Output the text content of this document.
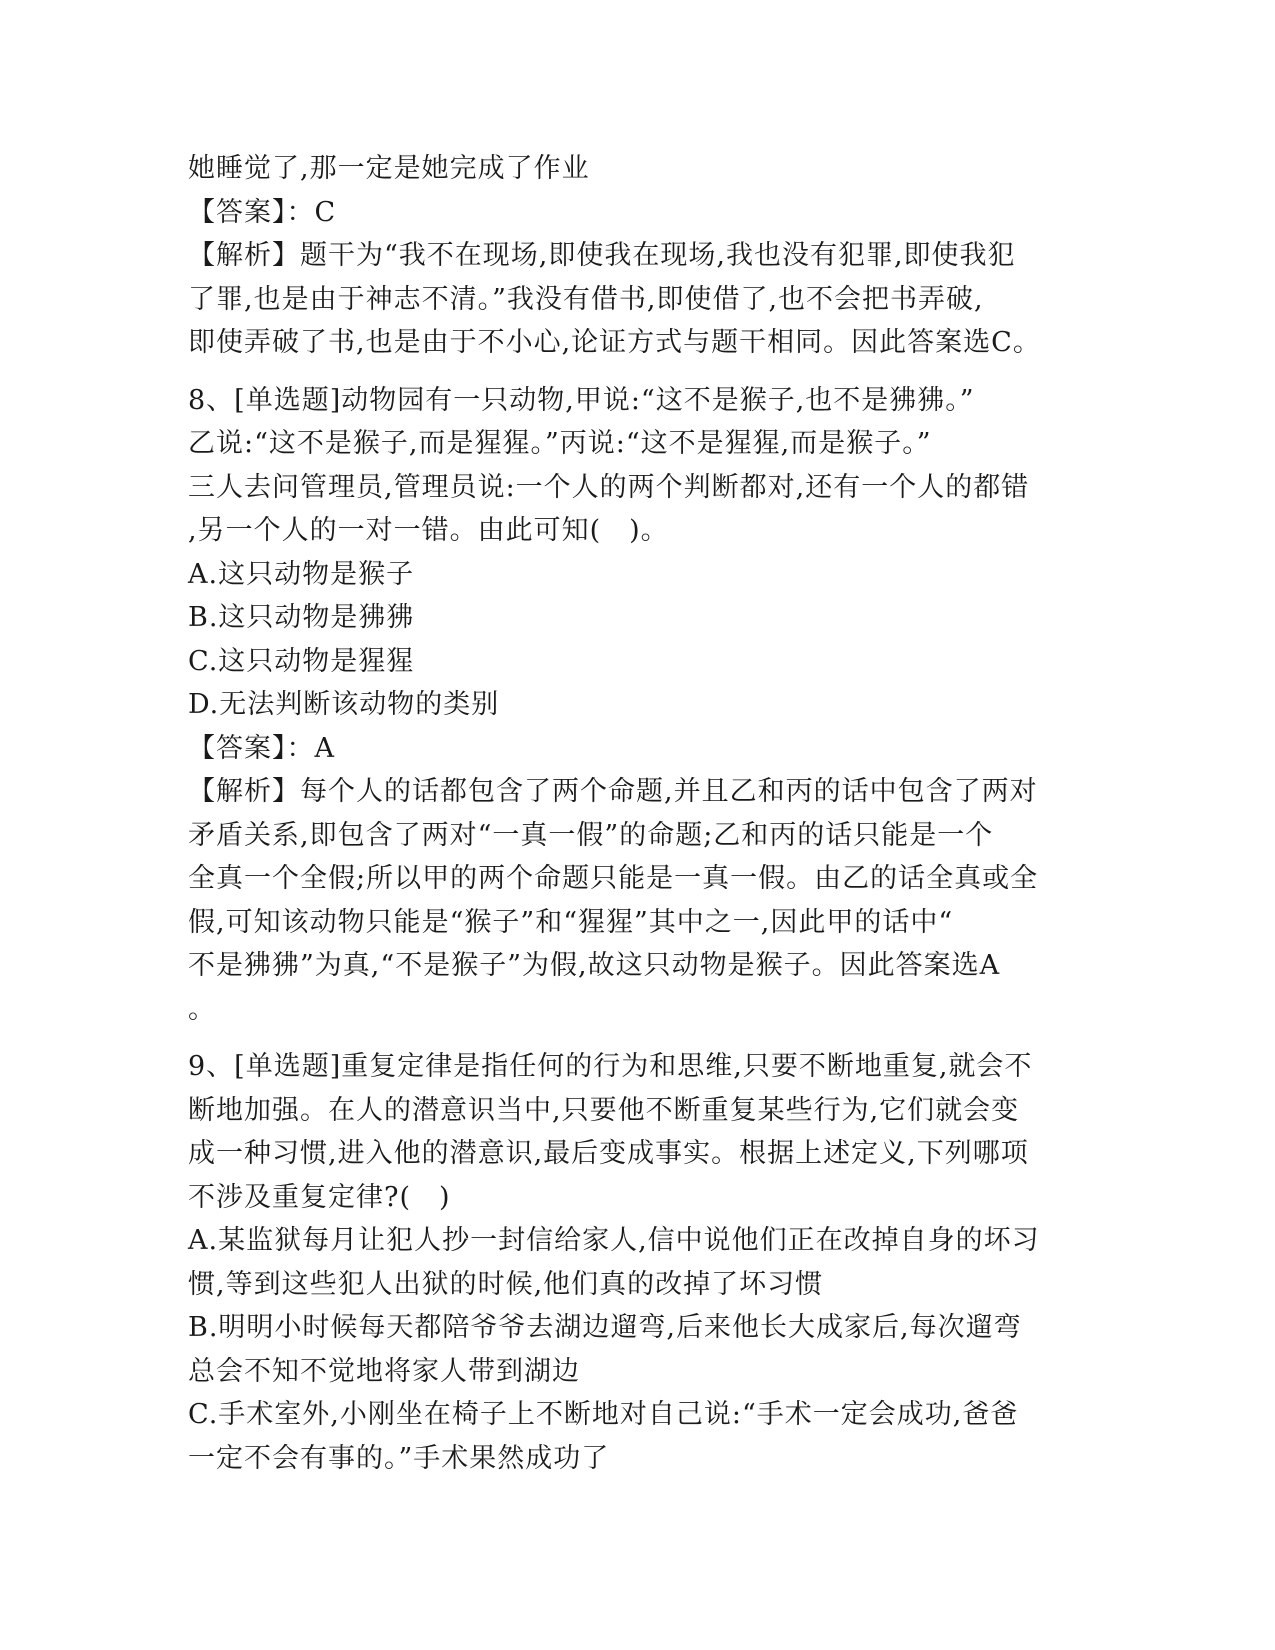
她睡觉了,那一定是她完成了作业
【答案】：C
【解析】题干为“我不在现场,即使我在现场,我也没有犯罪,即使我犯
了罪,也是由于神志不清。”我没有借书,即使借了,也不会把书弄破,
即使弄破了书,也是由于不小心,论证方式与题干相同。因此答案选C。
8、[单选题]动物园有一只动物,甲说:“这不是猴子,也不是狒狒。”
乙说:“这不是猴子,而是猩猩。”丙说:“这不是猩猩,而是猴子。”
三人去问管理员,管理员说:一个人的两个判断都对,还有一个人的都错
,另一个人的一对一错。由此可知(　)。
A.这只动物是猴子
B.这只动物是狒狒
C.这只动物是猩猩
D.无法判断该动物的类别
【答案】：A
【解析】每个人的话都包含了两个命题,并且乙和丙的话中包含了两对
矛盾关系,即包含了两对“一真一假”的命题;乙和丙的话只能是一个
全真一个全假;所以甲的两个命题只能是一真一假。由乙的话全真或全
假,可知该动物只能是“猴子”和“猩猩”其中之一,因此甲的话中“
不是狒狒”为真,“不是猴子”为假,故这只动物是猴子。因此答案选A
。
9、[单选题]重复定律是指任何的行为和思维,只要不断地重复,就会不
断地加强。在人的潜意识当中,只要他不断重复某些行为,它们就会变
成一种习惯,进入他的潜意识,最后变成事实。根据上述定义,下列哪项
不涉及重复定律?(　)
A.某监狱每月让犯人抄一封信给家人,信中说他们正在改掉自身的坏习
惯,等到这些犯人出狱的时候,他们真的改掉了坏习惯
B.明明小时候每天都陪爷爷去湖边遛弯,后来他长大成家后,每次遛弯
总会不知不觉地将家人带到湖边
C.手术室外,小刚坐在椅子上不断地对自己说:“手术一定会成功,爸爸
一定不会有事的。”手术果然成功了
